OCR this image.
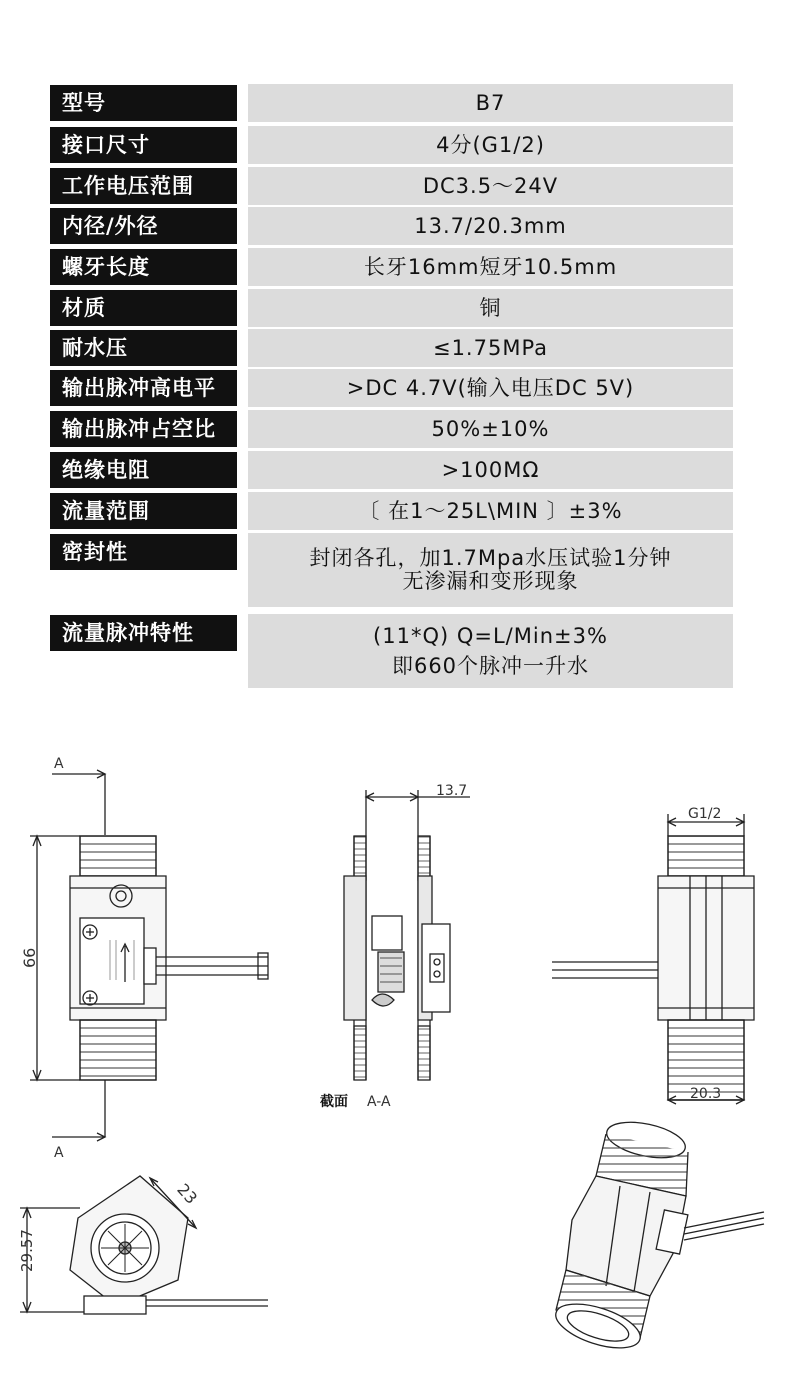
型号	B7
接口尺寸	4分(G1/2)
工作电压范围	DC3.5～24V
内径/外径	13.7/20.3mm
螺牙长度	长牙16mm短牙10.5mm
材质	铜
耐水压	≤1.75MPa
输出脉冲高电平	>DC 4.7V(输入电压DC 5V)
输出脉冲占空比	50%±10%
绝缘电阻	>100MΩ
流量范围	〔 在1～25L\MIN 〕±3%
密封性	封闭各孔，加1.7Mpa水压试验1分钟
无渗漏和变形现象
流量脉冲特性	(11*Q) Q=L/Min±3%
即660个脉冲一升水
A
A
66
13.7
截面 A-A
G1/2
20.3
29.57
23
